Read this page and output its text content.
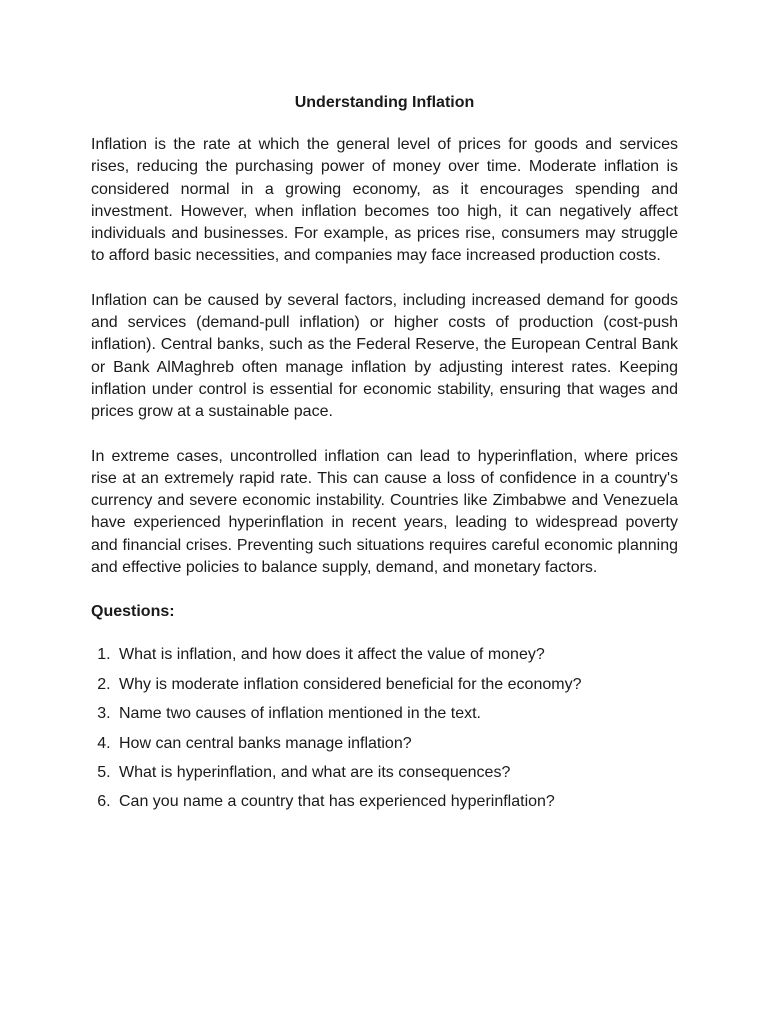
Understanding Inflation

Inflation is the rate at which the general level of prices for goods and services rises, reducing the purchasing power of money over time. Moderate inflation is considered normal in a growing economy, as it encourages spending and investment. However, when inflation becomes too high, it can negatively affect individuals and businesses. For example, as prices rise, consumers may struggle to afford basic necessities, and companies may face increased production costs.

Inflation can be caused by several factors, including increased demand for goods and services (demand-pull inflation) or higher costs of production (cost-push inflation). Central banks, such as the Federal Reserve, the European Central Bank or Bank AlMaghreb often manage inflation by adjusting interest rates. Keeping inflation under control is essential for economic stability, ensuring that wages and prices grow at a sustainable pace.

In extreme cases, uncontrolled inflation can lead to hyperinflation, where prices rise at an extremely rapid rate. This can cause a loss of confidence in a country's currency and severe economic instability. Countries like Zimbabwe and Venezuela have experienced hyperinflation in recent years, leading to widespread poverty and financial crises. Preventing such situations requires careful economic planning and effective policies to balance supply, demand, and monetary factors.

Questions:
1. What is inflation, and how does it affect the value of money?
2. Why is moderate inflation considered beneficial for the economy?
3. Name two causes of inflation mentioned in the text.
4. How can central banks manage inflation?
5. What is hyperinflation, and what are its consequences?
6. Can you name a country that has experienced hyperinflation?
